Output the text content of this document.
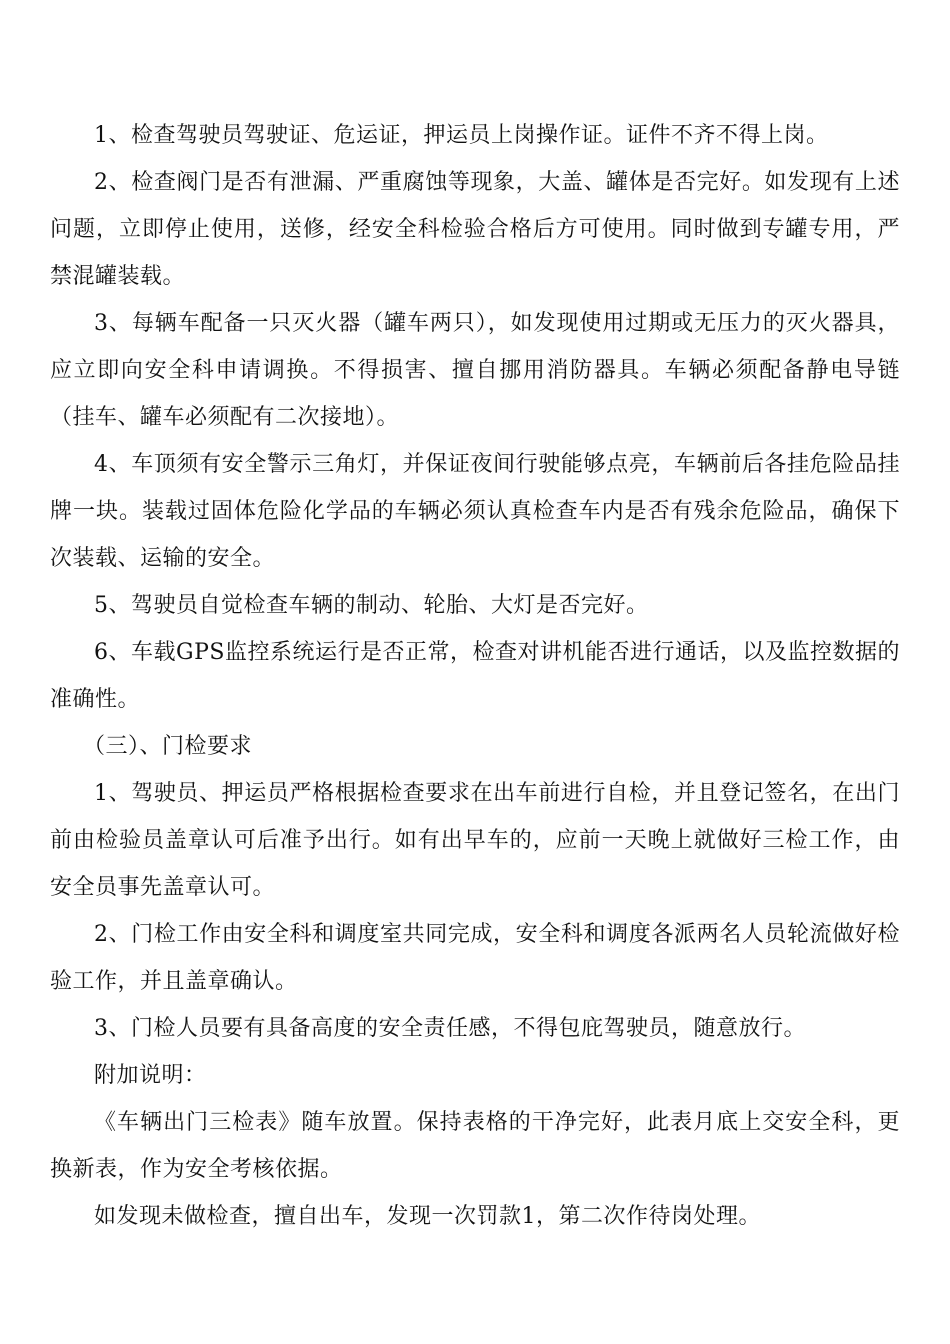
1、检查驾驶员驾驶证、危运证，押运员上岗操作证。证件不齐不得上岗。

2、检查阀门是否有泄漏、严重腐蚀等现象，大盖、罐体是否完好。如发现有上述问题，立即停止使用，送修，经安全科检验合格后方可使用。同时做到专罐专用，严禁混罐装载。

3、每辆车配备一只灭火器（罐车两只），如发现使用过期或无压力的灭火器具，应立即向安全科申请调换。不得损害、擅自挪用消防器具。车辆必须配备静电导链（挂车、罐车必须配有二次接地）。

4、车顶须有安全警示三角灯，并保证夜间行驶能够点亮，车辆前后各挂危险品挂牌一块。装载过固体危险化学品的车辆必须认真检查车内是否有残余危险品，确保下次装载、运输的安全。

5、驾驶员自觉检查车辆的制动、轮胎、大灯是否完好。

6、车载GPS监控系统运行是否正常，检查对讲机能否进行通话，以及监控数据的准确性。

（三）、门检要求

1、驾驶员、押运员严格根据检查要求在出车前进行自检，并且登记签名，在出门前由检验员盖章认可后准予出行。如有出早车的，应前一天晚上就做好三检工作，由安全员事先盖章认可。

2、门检工作由安全科和调度室共同完成，安全科和调度各派两名人员轮流做好检验工作，并且盖章确认。

3、门检人员要有具备高度的安全责任感，不得包庇驾驶员，随意放行。

附加说明：

《车辆出门三检表》随车放置。保持表格的干净完好，此表月底上交安全科，更换新表，作为安全考核依据。

如发现未做检查，擅自出车，发现一次罚款1，第二次作待岗处理。
